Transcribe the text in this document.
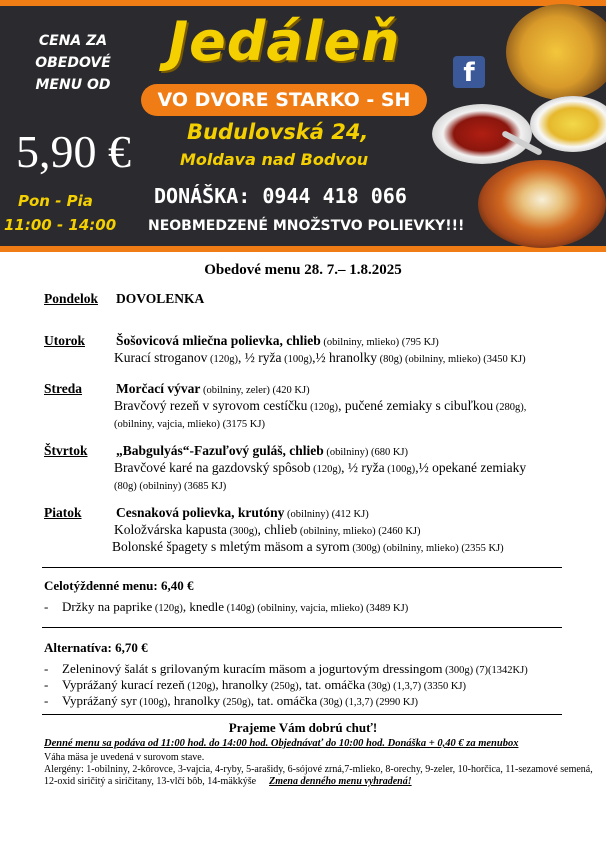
CENA ZA
OBEDOVÉ
MENU OD
5,90 €
Pon - Pia
11:00 - 14:00
Jedáleň
VO DVORE STARKO - SH
Budulovská 24,
Moldava nad Bodvou
DONÁŠKA: 0944 418 066
NEOBMEDZENÉ MNOŽSTVO POLIEVKY!!!
f
Obedové menu 28. 7.– 1.8.2025
Pondelok DOVOLENKA
Utorok Šošovicová mliečna polievka, chlieb (obilniny, mlieko) (795 KJ)
Kurací stroganov (120g), ½ ryža (100g),½ hranolky (80g) (obilniny, mlieko) (3450 KJ)
Streda	Morčací vývar (obilniny, zeler) (420 KJ)
Bravčový rezeň v syrovom cestíčku (120g), pučené zemiaky s cibuľkou (280g),
(obilniny, vajcia, mlieko) (3175 KJ)
Štvrtok „Babgulyás“-Fazuľový guláš, chlieb (obilniny) (680 KJ)
Bravčové karé na gazdovský spôsob (120g), ½ ryža (100g),½ opekané zemiaky
(80g) (obilniny) (3685 KJ)
Piatok	Cesnaková polievka, krutóny (obilniny) (412 KJ)
Koložvárska kapusta (300g), chlieb (obilniny, mlieko) (2460 KJ)
Bolonské špagety s mletým mäsom a syrom (300g) (obilniny, mlieko) (2355 KJ)
Celotýždenné menu: 6,40 €
- Držky na paprike (120g), knedle (140g) (obilniny, vajcia, mlieko) (3489 KJ)
Alternatíva: 6,70 €
- Zeleninový šalát s grilovaným kuracím mäsom a jogurtovým dressingom (300g) (7)(1342KJ)
- Vyprážaný kurací rezeň (120g), hranolky (250g), tat. omáčka (30g) (1,3,7) (3350 KJ)
- Vyprážaný syr (100g), hranolky (250g), tat. omáčka (30g) (1,3,7) (2990 KJ)
Prajeme Vám dobrú chuť!
Denné menu sa podáva od 11:00 hod. do 14:00 hod. Objednávať do 10:00 hod. Donáška + 0,40 € za menubox
Váha mäsa je uvedená v surovom stave.
Alergény: 1-obilniny, 2-kôrovce, 3-vajcia, 4-ryby, 5-arašidy, 6-sójové zrná,7-mlieko, 8-orechy, 9-zeler, 10-horčica, 11-sezamové semená,
12-oxid siričitý a siričitany, 13-vlčí bôb, 14-mäkkýše Zmena denného menu vyhradená!
